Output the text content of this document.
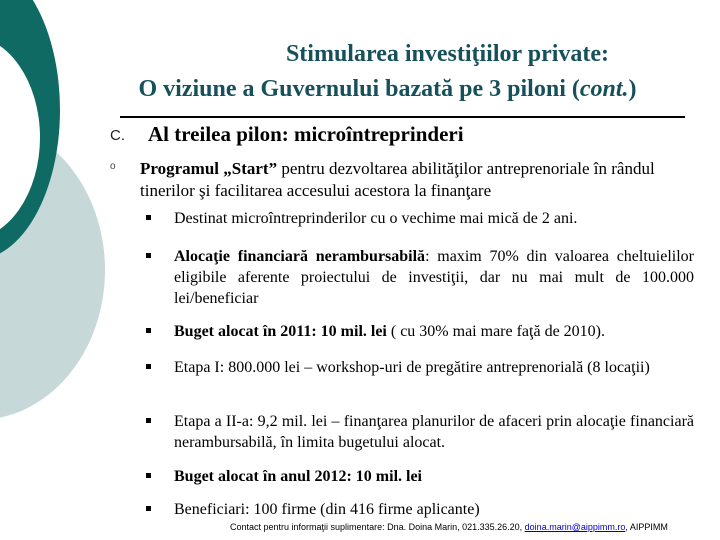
Stimularea investiţiilor private:
O viziune a Guvernului bazată pe 3 piloni (cont.)
C. Al treilea pilon: microîntreprinderi
o Programul „Start” pentru dezvoltarea abilităţilor antreprenoriale în rândul tinerilor şi facilitarea accesului acestora la finanţare
Destinat microîntreprinderilor cu o vechime mai mică de 2 ani.
Alocaţie financiară nerambursabilă: maxim 70% din valoarea cheltuielilor eligibile aferente proiectului de investiţii, dar nu mai mult de 100.000 lei/beneficiar
Buget alocat în 2011: 10 mil. lei ( cu 30% mai mare faţă de 2010).
Etapa I: 800.000 lei – workshop-uri de pregătire antreprenorială (8 locaţii)
Etapa a II-a: 9,2 mil. lei – finanţarea planurilor de afaceri prin alocaţie financiară nerambursabilă, în limita bugetului alocat.
Buget alocat în anul 2012: 10 mil. lei
Beneficiari: 100 firme (din 416 firme aplicante)
Contact pentru informaţii suplimentare: Dna. Doina Marin, 021.335.26.20, doina.marin@aippimm.ro, AIPPIMM
